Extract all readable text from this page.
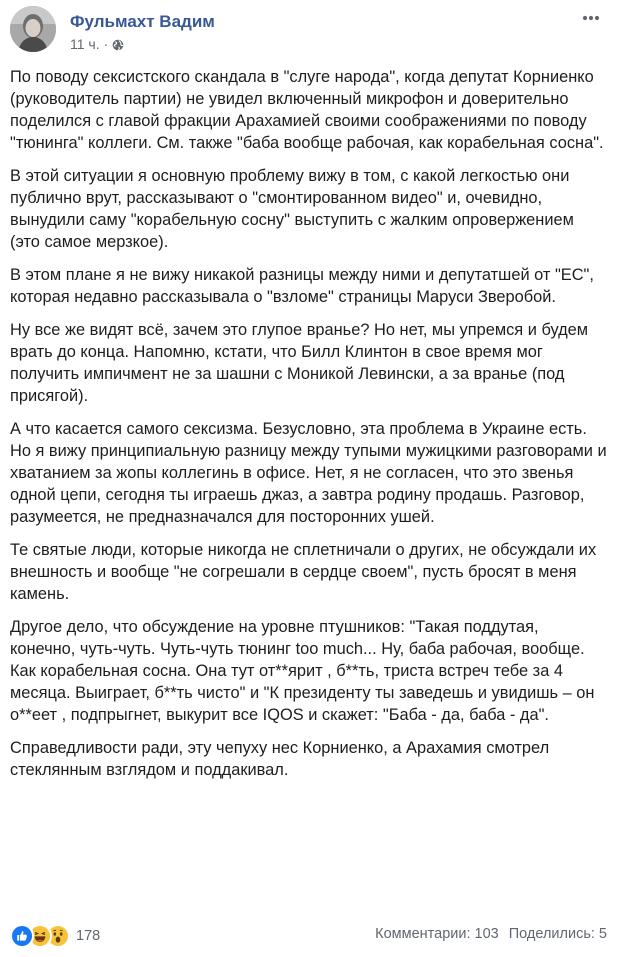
Фульмахт Вадим
11 ч. ·

По поводу сексистского скандала в "слуге народа", когда депутат Корниенко (руководитель партии) не увидел включенный микрофон и доверительно поделился с главой фракции Арахамией своими соображениями по поводу "тюнинга" коллеги. См. также "баба вообще рабочая, как корабельная сосна".

В этой ситуации я основную проблему вижу в том, с какой легкостью они публично врут, рассказывают о "смонтированном видео" и, очевидно, вынудили саму "корабельную сосну" выступить с жалким опровержением (это самое мерзкое).

В этом плане я не вижу никакой разницы между ними и депутатшей от "ЕС", которая недавно рассказывала о "взломе" страницы Маруси Зверобой.

Ну все же видят всё, зачем это глупое вранье? Но нет, мы упремся и будем врать до конца. Напомню, кстати, что Билл Клинтон в свое время мог получить импичмент не за шашни с Моникой Левински, а за вранье (под присягой).

А что касается самого сексизма. Безусловно, эта проблема в Украине есть. Но я вижу принципиальную разницу между тупыми мужицкими разговорами и хватанием за жопы коллегинь в офисе. Нет, я не согласен, что это звенья одной цепи, сегодня ты играешь джаз, а завтра родину продашь. Разговор, разумеется, не предназначался для посторонних ушей.

Те святые люди, которые никогда не сплетничали о других, не обсуждали их внешность и вообще "не согрешали в сердце своем", пусть бросят в меня камень.

Другое дело, что обсуждение на уровне птушников: "Такая поддутая, конечно, чуть-чуть. Чуть-чуть тюнинг too much... Ну, баба рабочая, вообще. Как корабельная сосна. Она тут от**ярит , б**ть, триста встреч тебе за 4 месяца. Выиграет, б**ть чисто" и "К президенту ты заведешь и увидишь – он о**еет , подпрыгнет, выкурит все IQOS и скажет: "Баба - да, баба - да".

Справедливости ради, эту чепуху нес Корниенко, а Арахамия смотрел стеклянным взглядом и поддакивал.

178	Комментарии: 103 Поделились: 5
